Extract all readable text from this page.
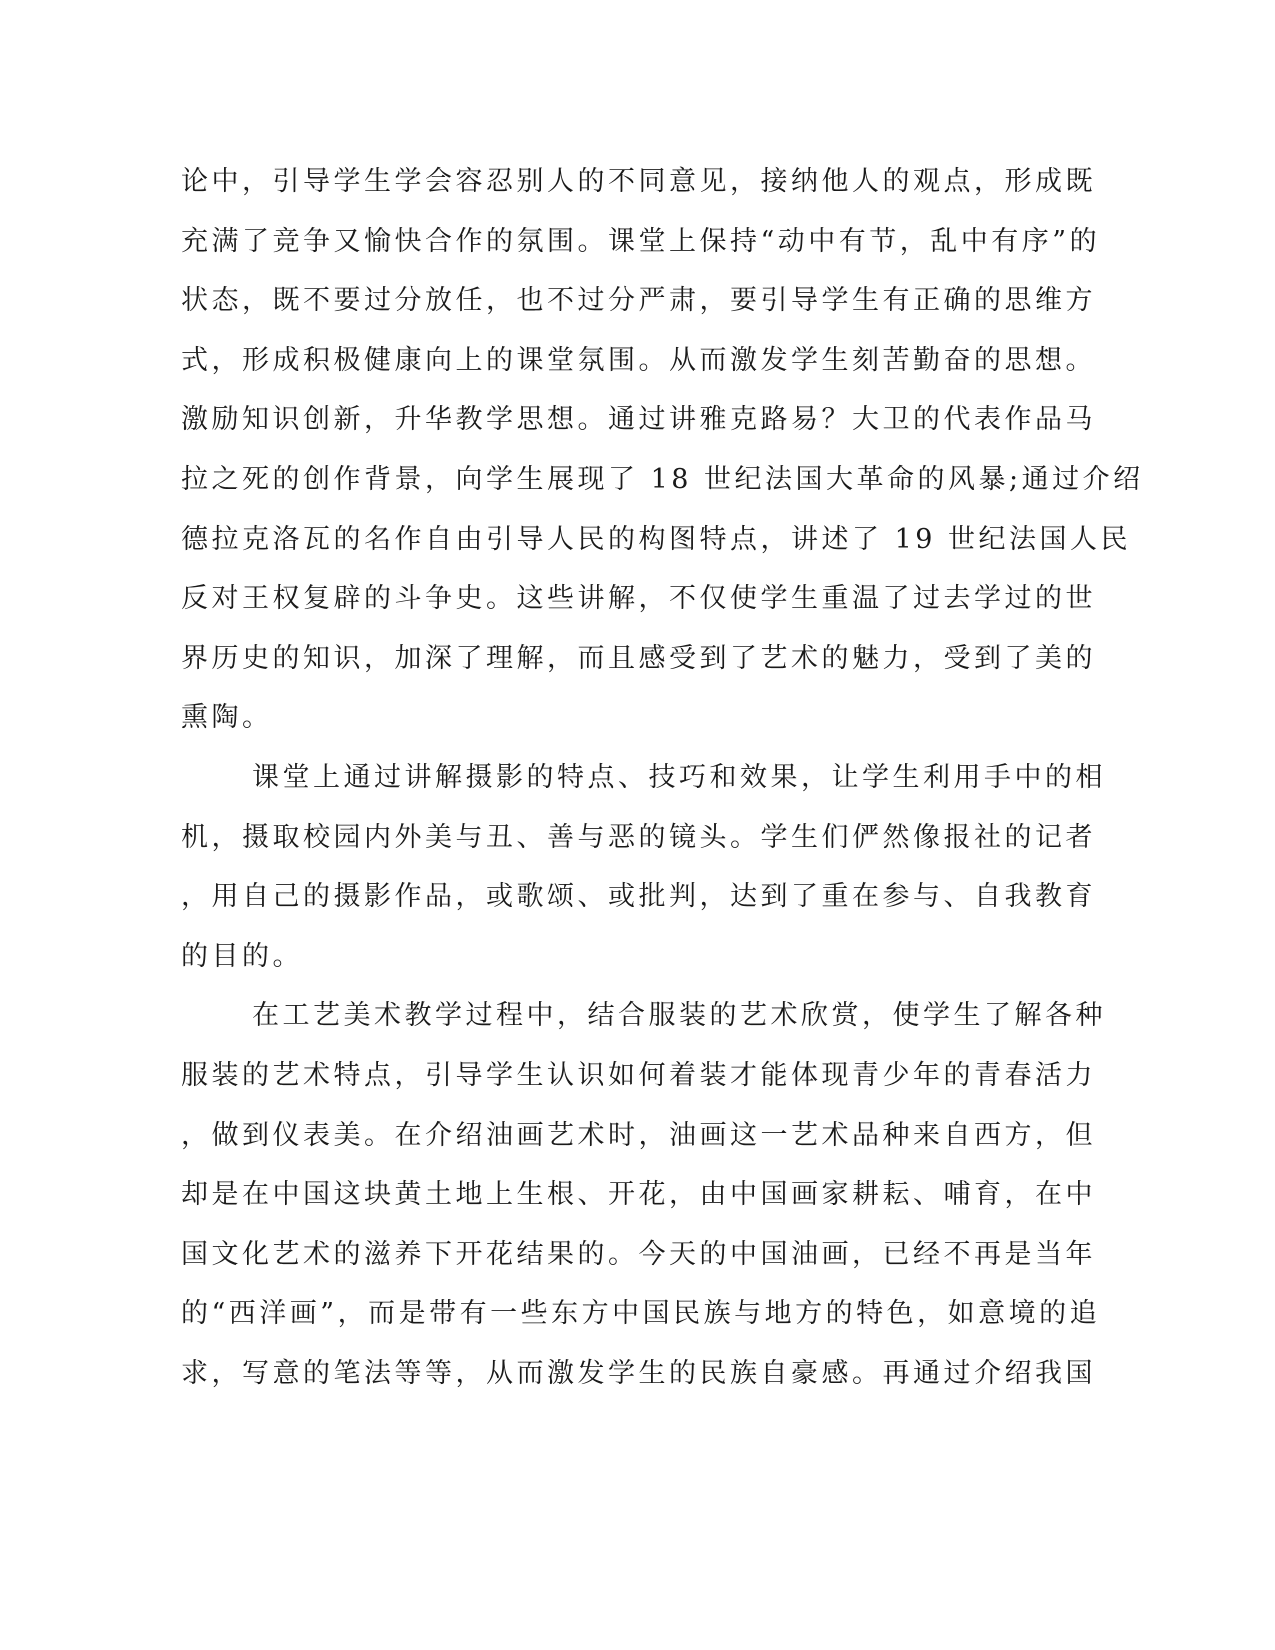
论中，引导学生学会容忍别人的不同意见，接纳他人的观点，形成既
充满了竞争又愉快合作的氛围。课堂上保持“动中有节，乱中有序”的
状态，既不要过分放任，也不过分严肃，要引导学生有正确的思维方
式，形成积极健康向上的课堂氛围。从而激发学生刻苦勤奋的思想。
激励知识创新，升华教学思想。通过讲雅克路易？大卫的代表作品马
拉之死的创作背景，向学生展现了 18 世纪法国大革命的风暴;通过介绍
德拉克洛瓦的名作自由引导人民的构图特点，讲述了 19 世纪法国人民
反对王权复辟的斗争史。这些讲解，不仅使学生重温了过去学过的世
界历史的知识，加深了理解，而且感受到了艺术的魅力，受到了美的
熏陶。
课堂上通过讲解摄影的特点、技巧和效果，让学生利用手中的相
机，摄取校园内外美与丑、善与恶的镜头。学生们俨然像报社的记者
，用自己的摄影作品，或歌颂、或批判，达到了重在参与、自我教育
的目的。
在工艺美术教学过程中，结合服装的艺术欣赏，使学生了解各种
服装的艺术特点，引导学生认识如何着装才能体现青少年的青春活力
，做到仪表美。在介绍油画艺术时，油画这一艺术品种来自西方，但
却是在中国这块黄土地上生根、开花，由中国画家耕耘、哺育，在中
国文化艺术的滋养下开花结果的。今天的中国油画，已经不再是当年
的“西洋画”，而是带有一些东方中国民族与地方的特色，如意境的追
求，写意的笔法等等，从而激发学生的民族自豪感。再通过介绍我国
